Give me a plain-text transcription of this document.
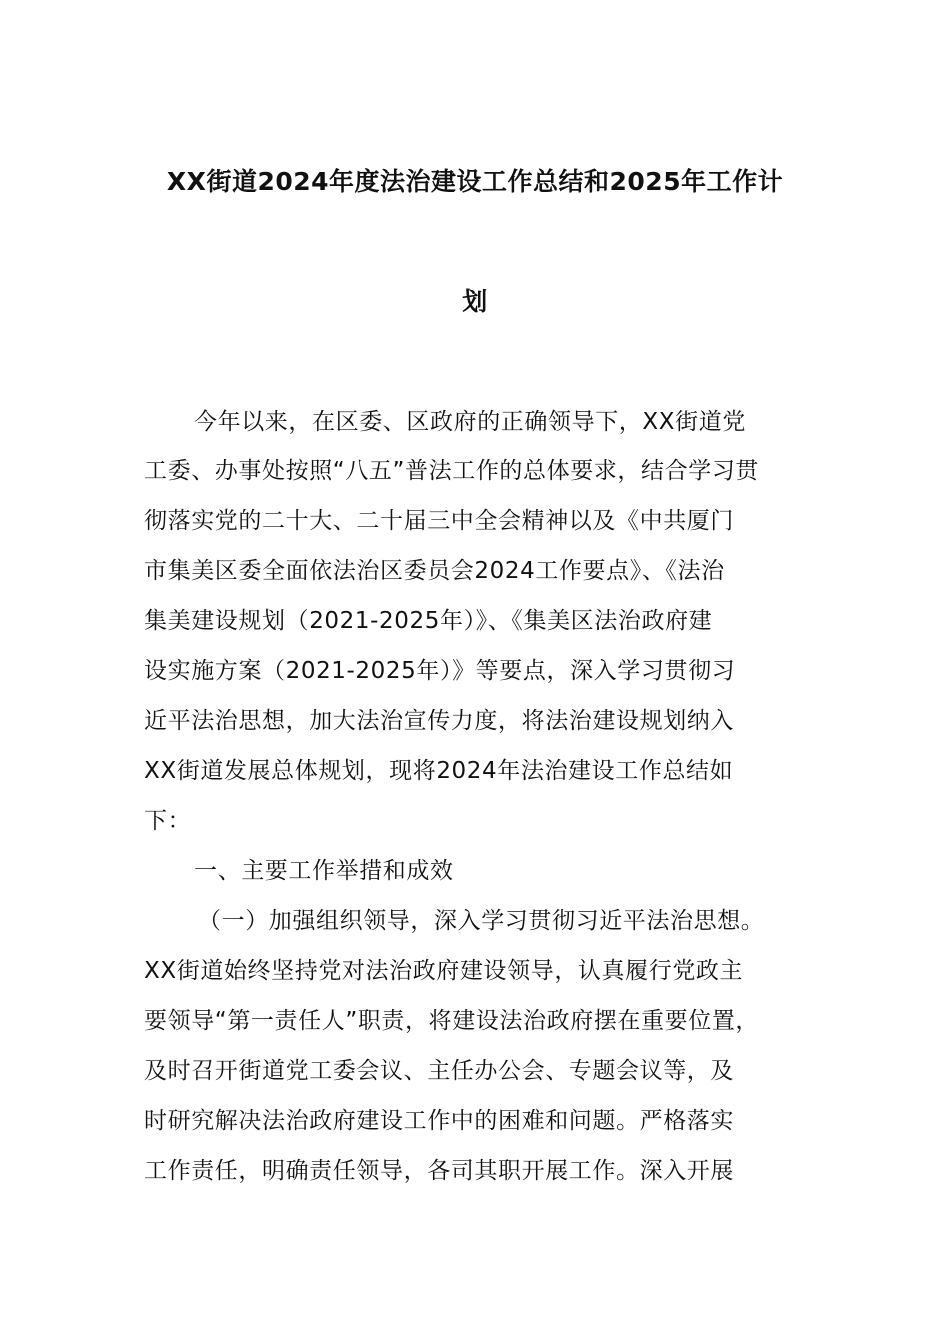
XX街道2024年度法治建设工作总结和2025年工作计
划
今年以来，在区委、区政府的正确领导下，XX街道党
工委、办事处按照“八五”普法工作的总体要求，结合学习贯
彻落实党的二十大、二十届三中全会精神以及《中共厦门
市集美区委全面依法治区委员会2024工作要点》、《法治
集美建设规划（2021-2025年）》、《集美区法治政府建
设实施方案（2021-2025年）》等要点，深入学习贯彻习
近平法治思想，加大法治宣传力度，将法治建设规划纳入
XX街道发展总体规划，现将2024年法治建设工作总结如
下：
一、主要工作举措和成效
（一）加强组织领导，深入学习贯彻习近平法治思想。
XX街道始终坚持党对法治政府建设领导，认真履行党政主
要领导“第一责任人”职责，将建设法治政府摆在重要位置，
及时召开街道党工委会议、主任办公会、专题会议等，及
时研究解决法治政府建设工作中的困难和问题。严格落实
工作责任，明确责任领导，各司其职开展工作。深入开展
